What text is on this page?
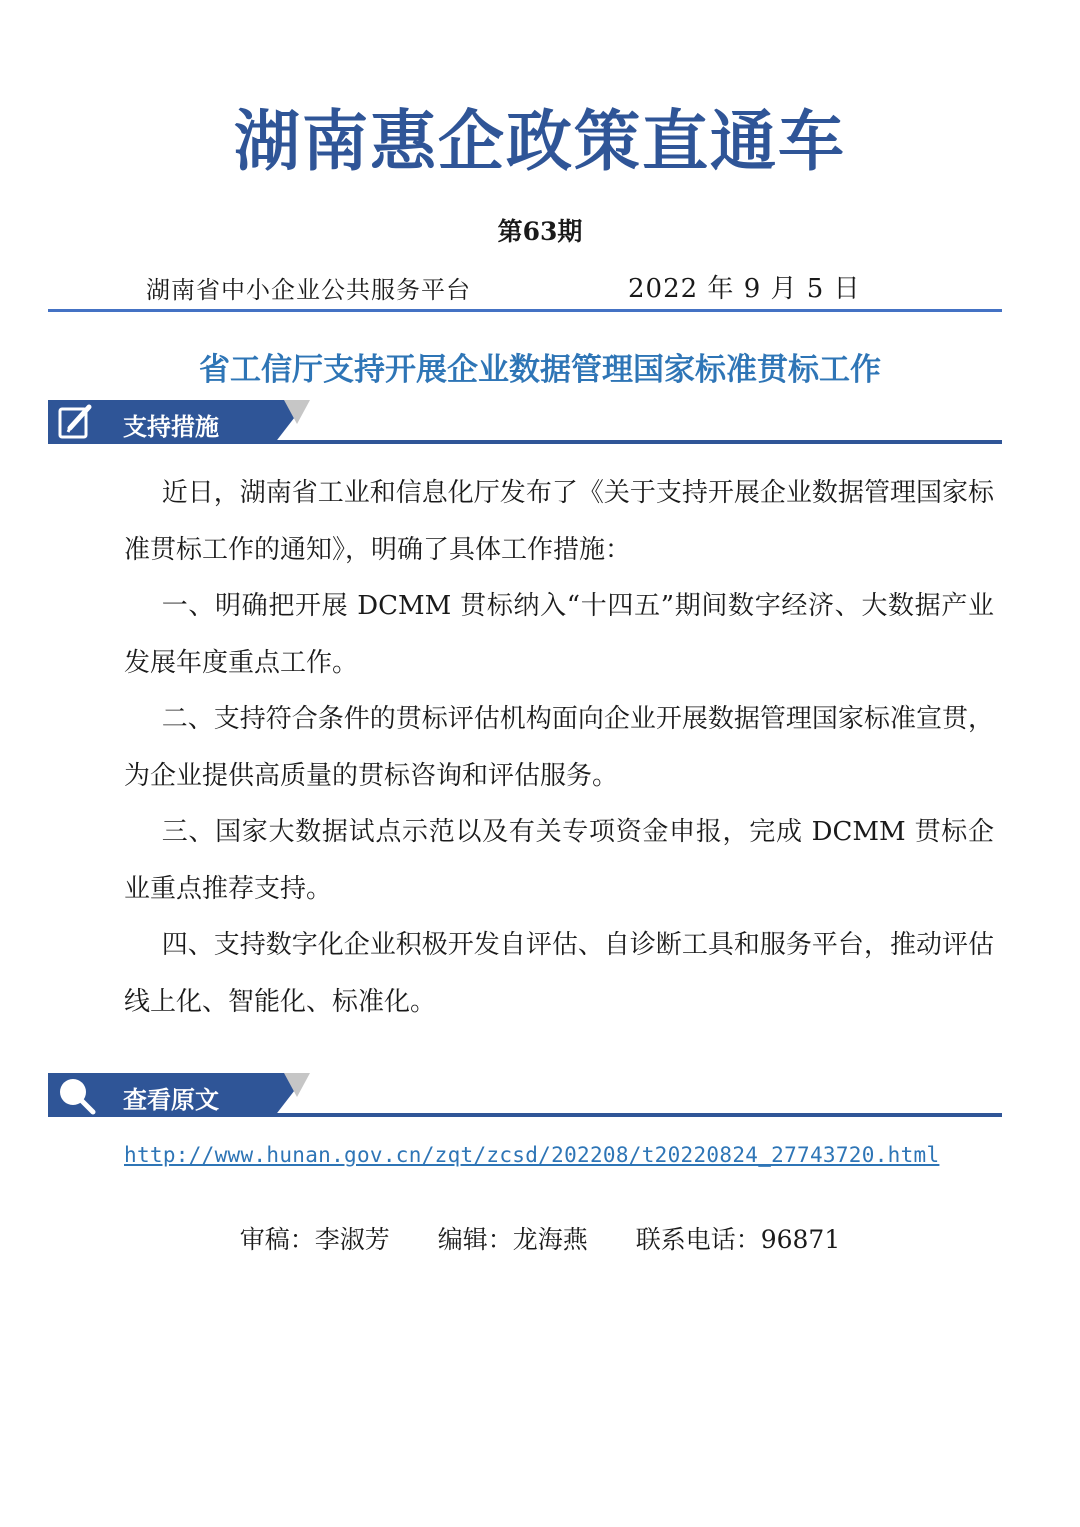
湖南惠企政策直通车
第63期
湖南省中小企业公共服务平台	2022 年 9 月 5 日
省工信厅支持开展企业数据管理国家标准贯标工作
支持措施

近日，湖南省工业和信息化厅发布了《关于支持开展企业数据管理国家标准贯标工作的通知》，明确了具体工作措施：

一、明确把开展 DCMM 贯标纳入“十四五”期间数字经济、大数据产业发展年度重点工作。

二、支持符合条件的贯标评估机构面向企业开展数据管理国家标准宣贯，为企业提供高质量的贯标咨询和评估服务。

三、国家大数据试点示范以及有关专项资金申报，完成 DCMM 贯标企业重点推荐支持。

四、支持数字化企业积极开发自评估、自诊断工具和服务平台，推动评估线上化、智能化、标准化。

查看原文
http://www.hunan.gov.cn/zqt/zcsd/202208/t20220824_27743720.html
审稿：李淑芳 编辑：龙海燕 联系电话：96871
